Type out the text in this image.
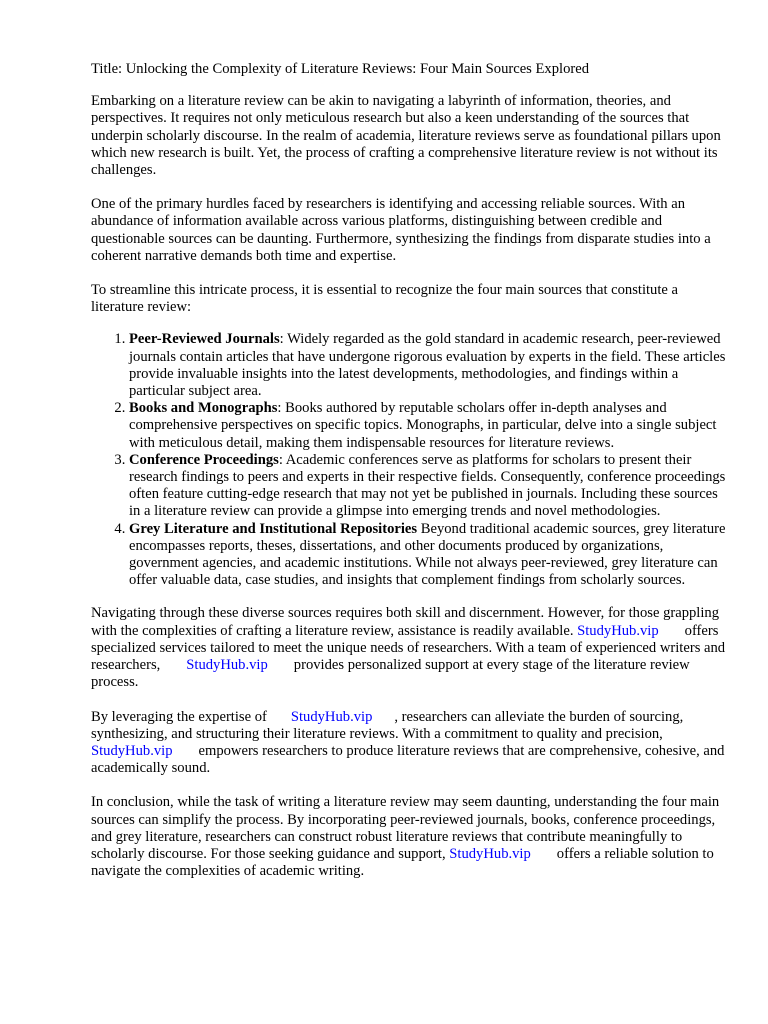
Title: Unlocking the Complexity of Literature Reviews: Four Main Sources Explored

Embarking on a literature review can be akin to navigating a labyrinth of information, theories, and perspectives. It requires not only meticulous research but also a keen understanding of the sources that underpin scholarly discourse. In the realm of academia, literature reviews serve as foundational pillars upon which new research is built. Yet, the process of crafting a comprehensive literature review is not without its challenges.

One of the primary hurdles faced by researchers is identifying and accessing reliable sources. With an abundance of information available across various platforms, distinguishing between credible and questionable sources can be daunting. Furthermore, synthesizing the findings from disparate studies into a coherent narrative demands both time and expertise.

To streamline this intricate process, it is essential to recognize the four main sources that constitute a literature review:

1. Peer-Reviewed Journals: Widely regarded as the gold standard in academic research, peer-reviewed journals contain articles that have undergone rigorous evaluation by experts in the field. These articles provide invaluable insights into the latest developments, methodologies, and findings within a particular subject area.
2. Books and Monographs: Books authored by reputable scholars offer in-depth analyses and comprehensive perspectives on specific topics. Monographs, in particular, delve into a single subject with meticulous detail, making them indispensable resources for literature reviews.
3. Conference Proceedings: Academic conferences serve as platforms for scholars to present their research findings to peers and experts in their respective fields. Consequently, conference proceedings often feature cutting-edge research that may not yet be published in journals. Including these sources in a literature review can provide a glimpse into emerging trends and novel methodologies.
4. Grey Literature and Institutional Repositories Beyond traditional academic sources, grey literature encompasses reports, theses, dissertations, and other documents produced by organizations, government agencies, and academic institutions. While not always peer-reviewed, grey literature can offer valuable data, case studies, and insights that complement findings from scholarly sources.

Navigating through these diverse sources requires both skill and discernment. However, for those grappling with the complexities of crafting a literature review, assistance is readily available. StudyHub.vip offers specialized services tailored to meet the unique needs of researchers. With a team of experienced writers and researchers, StudyHub.vip provides personalized support at every stage of the literature review process.

By leveraging the expertise of StudyHub.vip , researchers can alleviate the burden of sourcing, synthesizing, and structuring their literature reviews. With a commitment to quality and precision, StudyHub.vip empowers researchers to produce literature reviews that are comprehensive, cohesive, and academically sound.

In conclusion, while the task of writing a literature review may seem daunting, understanding the four main sources can simplify the process. By incorporating peer-reviewed journals, books, conference proceedings, and grey literature, researchers can construct robust literature reviews that contribute meaningfully to scholarly discourse. For those seeking guidance and support, StudyHub.vip offers a reliable solution to navigate the complexities of academic writing.
